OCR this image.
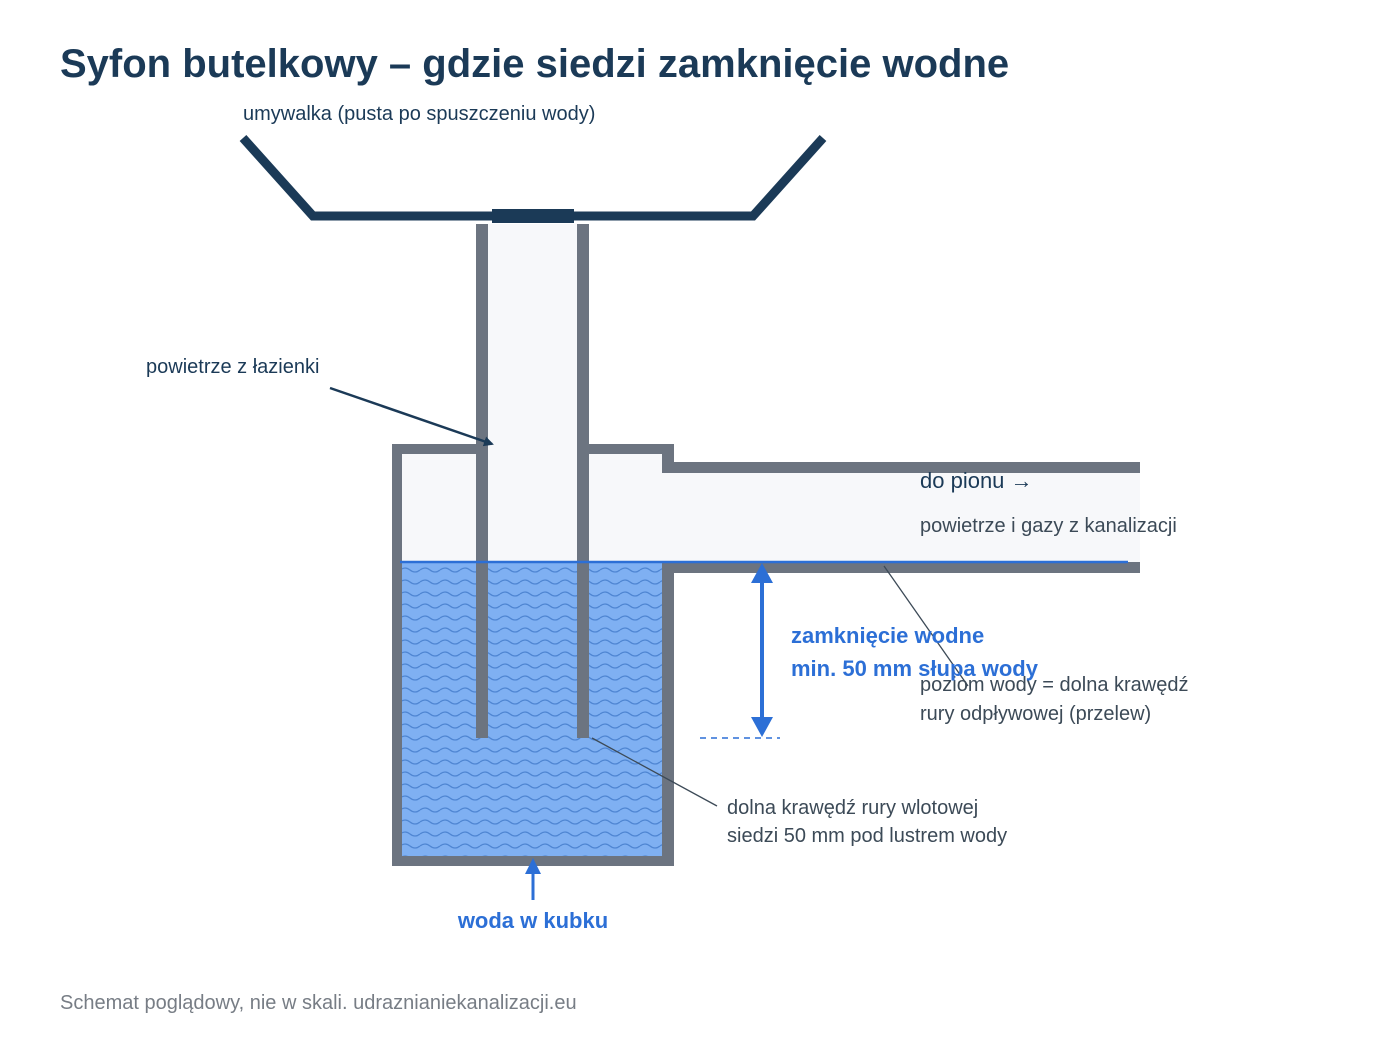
Syfon butelkowy – gdzie siedzi zamknięcie wodne
umywalka (pusta po spuszczeniu wody)
powietrze z łazienki
do pionu →
powietrze i gazy z kanalizacji
poziom wody = dolna krawędź
rury odpływowej (przelew)
zamknięcie wodne
min. 50 mm słupa wody
dolna krawędź rury wlotowej
siedzi 50 mm pod lustrem wody
woda w kubku
Schemat poglądowy, nie w skali. udraznianiekanalizacji.eu
